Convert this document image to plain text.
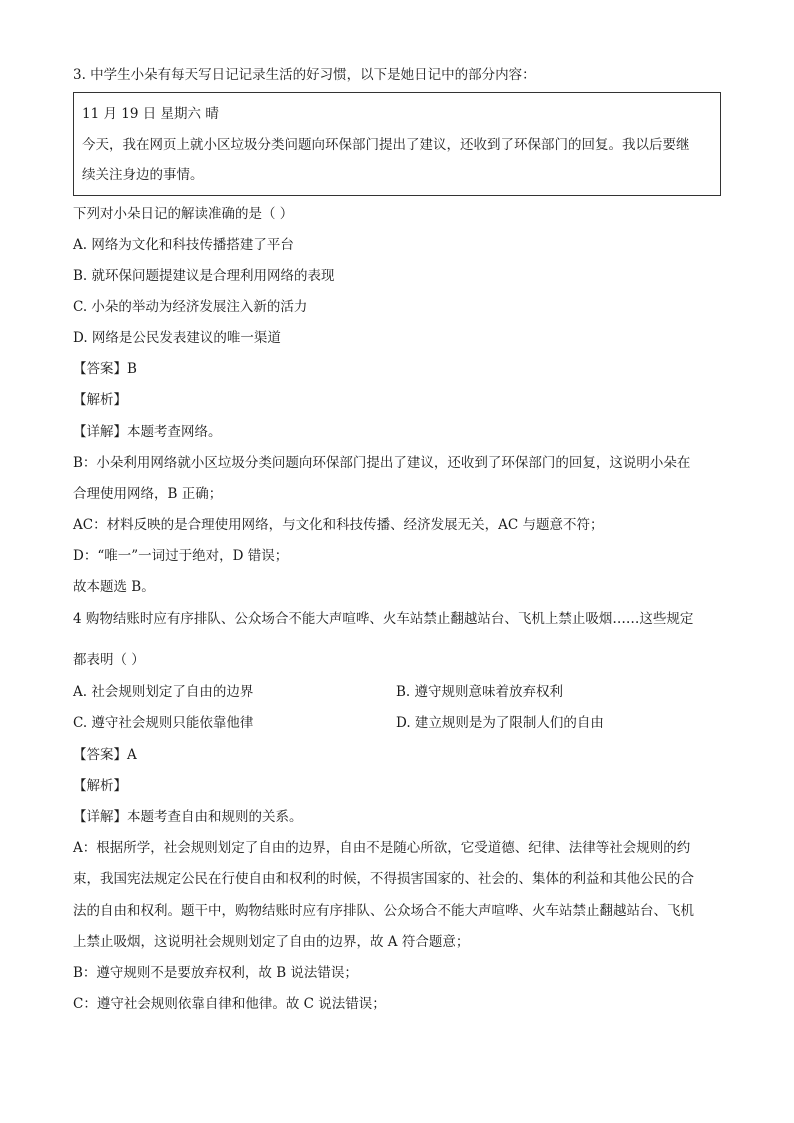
3. 中学生小朵有每天写日记记录生活的好习惯，以下是她日记中的部分内容：
11 月 19 日 星期六 晴
今天，我在网页上就小区垃圾分类问题向环保部门提出了建议，还收到了环保部门的回复。我以后要继
续关注身边的事情。
下列对小朵日记的解读准确的是（ ）
A. 网络为文化和科技传播搭建了平台
B. 就环保问题提建议是合理利用网络的表现
C. 小朵的举动为经济发展注入新的活力
D. 网络是公民发表建议的唯一渠道
【答案】B
【解析】
【详解】本题考查网络。
B：小朵利用网络就小区垃圾分类问题向环保部门提出了建议，还收到了环保部门的回复，这说明小朵在
合理使用网络，B 正确；
AC：材料反映的是合理使用网络，与文化和科技传播、经济发展无关，AC 与题意不符；
D：“唯一”一词过于绝对，D 错误；
故本题选 B。
4 购物结账时应有序排队、公众场合不能大声喧哗、火车站禁止翻越站台、飞机上禁止吸烟……这些规定
都表明（ ）
A. 社会规则划定了自由的边界	B. 遵守规则意味着放弃权利
C. 遵守社会规则只能依靠他律	D. 建立规则是为了限制人们的自由
【答案】A
【解析】
【详解】本题考查自由和规则的关系。
A：根据所学，社会规则划定了自由的边界，自由不是随心所欲，它受道德、纪律、法律等社会规则的约
束，我国宪法规定公民在行使自由和权利的时候，不得损害国家的、社会的、集体的利益和其他公民的合
法的自由和权利。题干中，购物结账时应有序排队、公众场合不能大声喧哗、火车站禁止翻越站台、飞机
上禁止吸烟，这说明社会规则划定了自由的边界，故 A 符合题意；
B：遵守规则不是要放弃权利，故 B 说法错误；
C：遵守社会规则依靠自律和他律。故 C 说法错误；
